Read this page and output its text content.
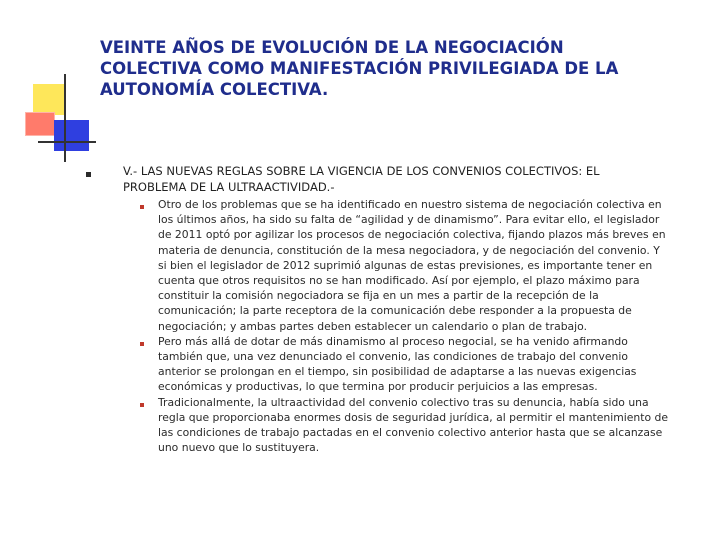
VEINTE AÑOS DE EVOLUCIÓN DE LA NEGOCIACIÓN
COLECTIVA COMO MANIFESTACIÓN PRIVILEGIADA DE LA
AUTONOMÍA COLECTIVA.

V.- LAS NUEVAS REGLAS SOBRE LA VIGENCIA DE LOS CONVENIOS COLECTIVOS: EL
PROBLEMA DE LA ULTRAACTIVIDAD.-

Otro de los problemas que se ha identificado en nuestro sistema de negociación colectiva en
los últimos años, ha sido su falta de “agilidad y de dinamismo”. Para evitar ello, el legislador
de 2011 optó por agilizar los procesos de negociación colectiva, fijando plazos más breves en
materia de denuncia, constitución de la mesa negociadora, y de negociación del convenio. Y
si bien el legislador de 2012 suprimió algunas de estas previsiones, es importante tener en
cuenta que otros requisitos no se han modificado. Así por ejemplo, el plazo máximo para
constituir la comisión negociadora se fija en un mes a partir de la recepción de la
comunicación; la parte receptora de la comunicación debe responder a la propuesta de
negociación; y ambas partes deben establecer un calendario o plan de trabajo.
Pero más allá de dotar de más dinamismo al proceso negocial, se ha venido afirmando
también que, una vez denunciado el convenio, las condiciones de trabajo del convenio
anterior se prolongan en el tiempo, sin posibilidad de adaptarse a las nuevas exigencias
económicas y productivas, lo que termina por producir perjuicios a las empresas.
Tradicionalmente, la ultraactividad del convenio colectivo tras su denuncia, había sido una
regla que proporcionaba enormes dosis de seguridad jurídica, al permitir el mantenimiento de
las condiciones de trabajo pactadas en el convenio colectivo anterior hasta que se alcanzase
uno nuevo que lo sustituyera.
